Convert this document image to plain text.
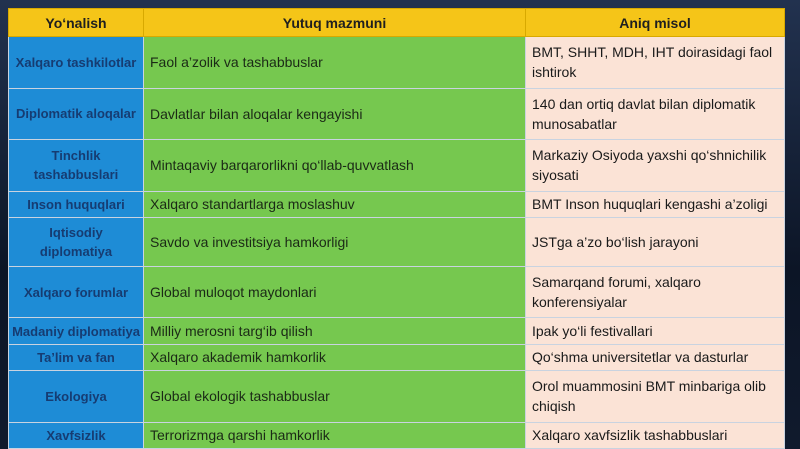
Yo‘nalish	Yutuq mazmuni	Aniq misol
Xalqaro tashkilotlar	Faol a’zolik va tashabbuslar	BMT, SHHT, MDH, IHT doirasidagi faol ishtirok
Diplomatik aloqalar	Davlatlar bilan aloqalar kengayishi	140 dan ortiq davlat bilan diplomatik munosabatlar
Tinchlik tashabbuslari	Mintaqaviy barqarorlikni qo‘llab-quvvatlash	Markaziy Osiyoda yaxshi qo‘shnichilik siyosati
Inson huquqlari	Xalqaro standartlarga moslashuv	BMT Inson huquqlari kengashi a’zoligi
Iqtisodiy diplomatiya	Savdo va investitsiya hamkorligi	JSTga a’zo bo‘lish jarayoni
Xalqaro forumlar	Global muloqot maydonlari	Samarqand forumi, xalqaro konferensiyalar
Madaniy diplomatiya	Milliy merosni targ‘ib qilish	Ipak yo‘li festivallari
Ta’lim va fan	Xalqaro akademik hamkorlik	Qo‘shma universitetlar va dasturlar
Ekologiya	Global ekologik tashabbuslar	Orol muammosini BMT minbariga olib chiqish
Xavfsizlik	Terrorizmga qarshi hamkorlik	Xalqaro xavfsizlik tashabbuslari
